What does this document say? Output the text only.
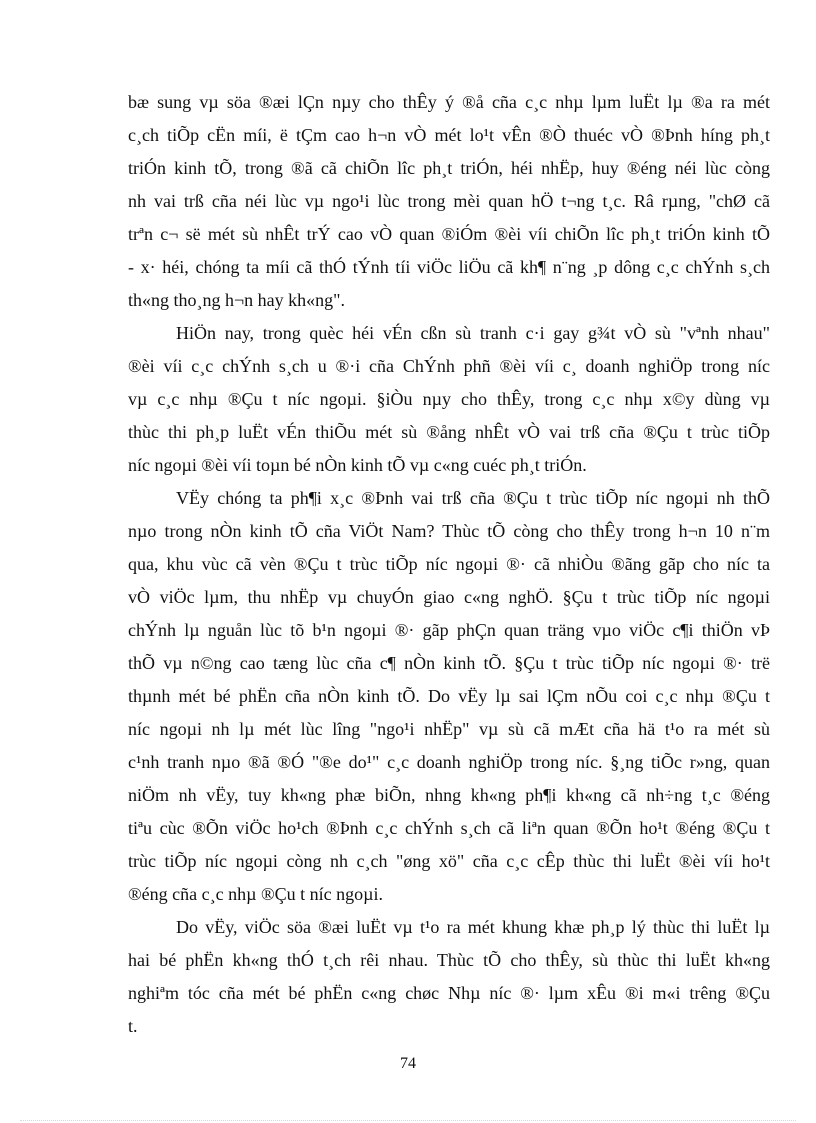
bæ sung vµ söa ®æi lÇn nµy cho thÊy ý ®å cña c¸c nhµ lµm luËt lµ ®a ra mét
c¸ch tiÕp cËn míi, ë tÇm cao h¬n vÒ mét lo¹t vÊn ®Ò thuéc vÒ ®Þnh híng ph¸t
triÓn kinh tÕ, trong ®ã cã chiÕn lîc ph¸t triÓn, héi nhËp, huy ®éng néi lùc còng
nh vai trß cña néi lùc vµ ngo¹i lùc trong mèi quan hÖ t¬ng t¸c. Râ rµng, "chØ cã
trªn c¬ së mét sù nhÊt trÝ cao vÒ quan ®iÓm ®èi víi chiÕn lîc ph¸t triÓn kinh tÕ
- x· héi, chóng ta míi cã thÓ tÝnh tíi viÖc liÖu cã kh¶ n¨ng ¸p dông c¸c chÝnh s¸ch
th«ng tho¸ng h¬n hay kh«ng".
HiÖn nay, trong quèc héi vÉn cßn sù tranh c·i gay g¾t vÒ sù "vªnh nhau"
®èi víi c¸c chÝnh s¸ch u ®·i cña ChÝnh phñ ®èi víi c¸ doanh nghiÖp trong níc
vµ c¸c nhµ ®Çu t níc ngoµi. §iÒu nµy cho thÊy, trong c¸c nhµ x©y dùng vµ
thùc thi ph¸p luËt vÉn thiÕu mét sù ®ång nhÊt vÒ vai trß cña ®Çu t trùc tiÕp
níc ngoµi ®èi víi toµn bé nÒn kinh tÕ vµ c«ng cuéc ph¸t triÓn.
VËy chóng ta ph¶i x¸c ®Þnh vai trß cña ®Çu t trùc tiÕp níc ngoµi nh thÕ
nµo trong nÒn kinh tÕ cña ViÖt Nam? Thùc tÕ còng cho thÊy trong h¬n 10 n¨m
qua, khu vùc cã vèn ®Çu t trùc tiÕp níc ngoµi ®· cã nhiÒu ®ãng gãp cho níc ta
vÒ viÖc lµm, thu nhËp vµ chuyÓn giao c«ng nghÖ. §Çu t trùc tiÕp níc ngoµi
chÝnh lµ nguån lùc tõ b¹n ngoµi ®· gãp phÇn quan träng vµo viÖc c¶i thiÖn vÞ
thÕ vµ n©ng cao tæng lùc cña c¶ nÒn kinh tÕ. §Çu t trùc tiÕp níc ngoµi ®· trë
thµnh mét bé phËn cña nÒn kinh tÕ. Do vËy lµ sai lÇm nÕu coi c¸c nhµ ®Çu t
níc ngoµi nh lµ mét lùc lîng "ngo¹i nhËp" vµ sù cã mÆt cña hä t¹o ra mét sù
c¹nh tranh nµo ®ã ®Ó "®e do¹" c¸c doanh nghiÖp trong níc. §¸ng tiÕc r»ng, quan
niÖm nh vËy, tuy kh«ng phæ biÕn, nhng kh«ng ph¶i kh«ng cã nh÷ng t¸c ®éng
tiªu cùc ®Õn viÖc ho¹ch ®Þnh c¸c chÝnh s¸ch cã liªn quan ®Õn ho¹t ®éng ®Çu t
trùc tiÕp níc ngoµi còng nh c¸ch "øng xö" cña c¸c cÊp thùc thi luËt ®èi víi ho¹t
®éng cña c¸c nhµ ®Çu t níc ngoµi.
Do vËy, viÖc söa ®æi luËt vµ t¹o ra mét khung khæ ph¸p lý thùc thi luËt lµ
hai bé phËn kh«ng thÓ t¸ch rêi nhau. Thùc tÕ cho thÊy, sù thùc thi luËt kh«ng
nghiªm tóc cña mét bé phËn c«ng chøc Nhµ níc ®· lµm xÊu ®i m«i trêng ®Çu
t.
74
